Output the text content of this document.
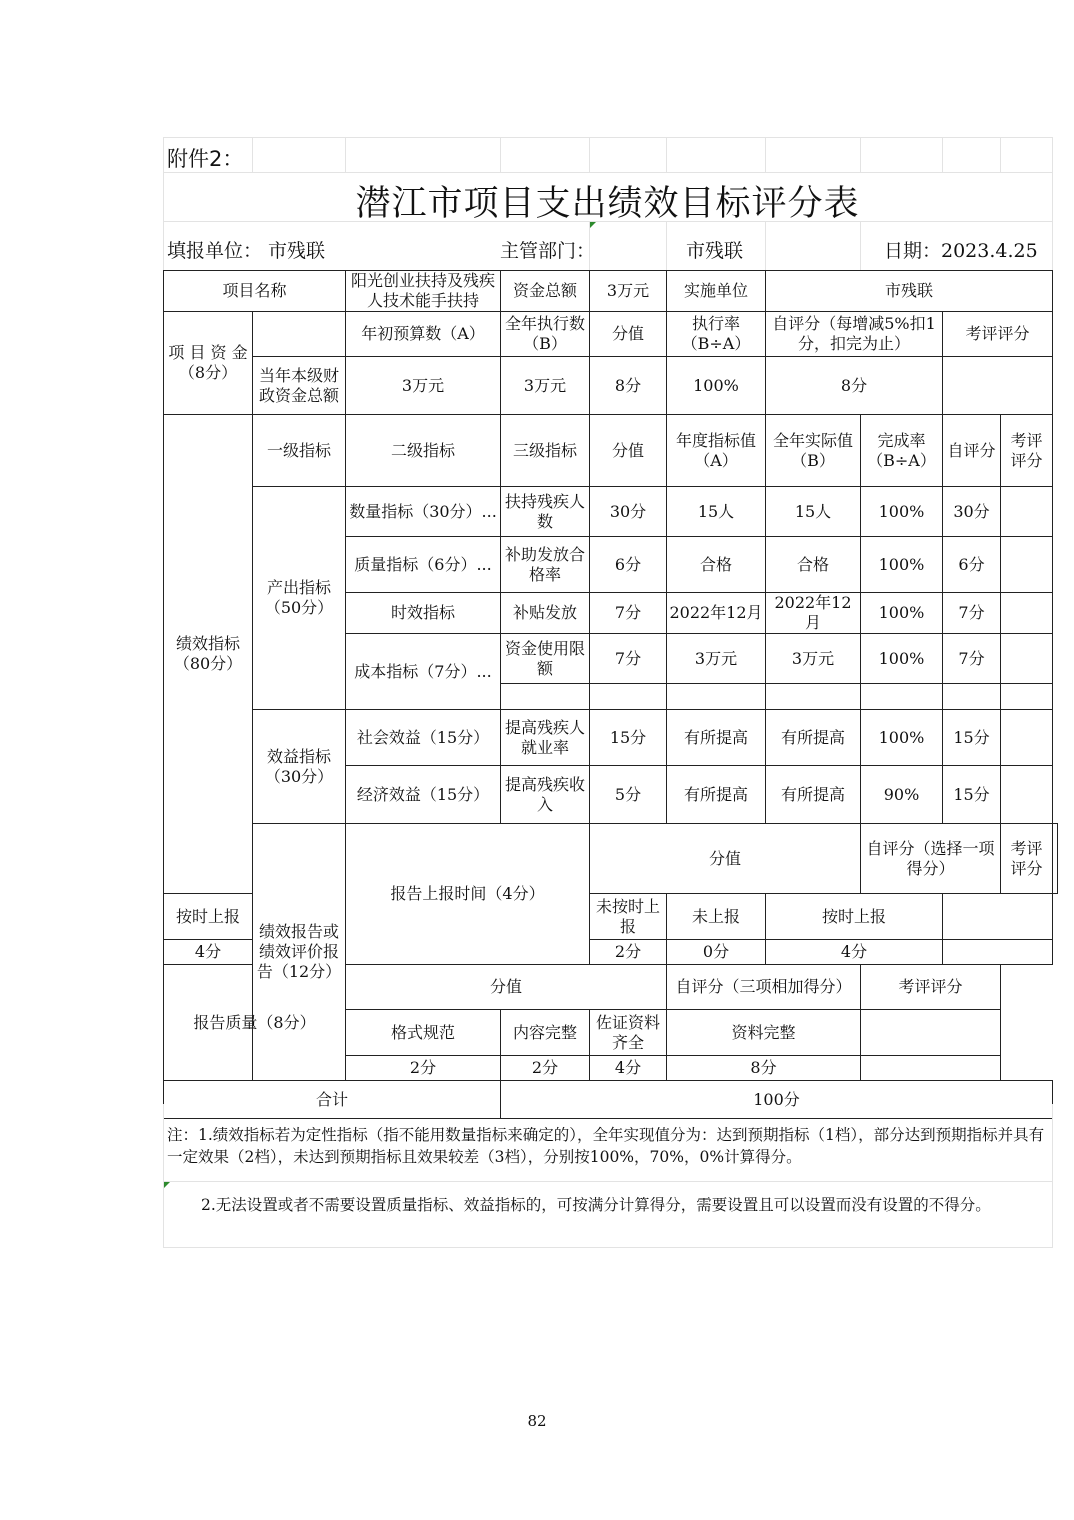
附件2：
潜江市项目支出绩效目标评分表
填报单位： 市残联	主管部门：	市残联	日期：2023.4.25
项目名称		阳光创业扶持及残疾人技术能手扶持	资金总额	3万元	实施单位	市残联				
项 目 资 金（8分）		年初预算数（A）	全年执行数（B）	分值	执行率（B÷A）	自评分（每增减5%扣1分，扣完为止）		考评评分		
	当年本级财政资金总额	3万元	3万元	8分	100%	8分				
绩效指标（80分）	一级指标	二级指标	三级指标	分值	年度指标值（A）	全年实际值（B）	完成率（B÷A）	自评分	考评评分	
	产出指标（50分）	数量指标（30分）...	扶持残疾人数	30分	15人	15人	100%	30分		
		质量指标（6分）...	补助发放合格率	6分	合格	合格	100%	6分		
		时效指标	补贴发放	7分	2022年12月	2022年12月	100%	7分		
		成本指标（7分）...	资金使用限额	7分	3万元	3万元	100%	7分		

	效益指标（30分）	社会效益（15分）	提高残疾人就业率	15分	有所提高	有所提高	100%	15分		
		经济效益（15分）	提高残疾收入	5分	有所提高	有所提高	90%	15分		
	绩效报告或绩效评价报告（12分）	报告上报时间（4分）		分值			自评分（选择一项得分）		考评评分	
按时上报				未按时上报	未上报	按时上报				
4分				2分	0分	4分				
报告质量（8分）		分值			自评分（三项相加得分）		考评评分			
		格式规范	内容完整	佐证资料齐全	资料完整					
		2分	2分	4分	8分					
合计			100分							
注：1.绩效指标若为定性指标（指不能用数量指标来确定的），全年实现值分为：达到预期指标（1档），部分达到预期指标并具有一定效果（2档），未达到预期指标且效果较差（3档），分别按100%，70%，0%计算得分。
2.无法设置或者不需要设置质量指标、效益指标的，可按满分计算得分，需要设置且可以设置而没有设置的不得分。
82
